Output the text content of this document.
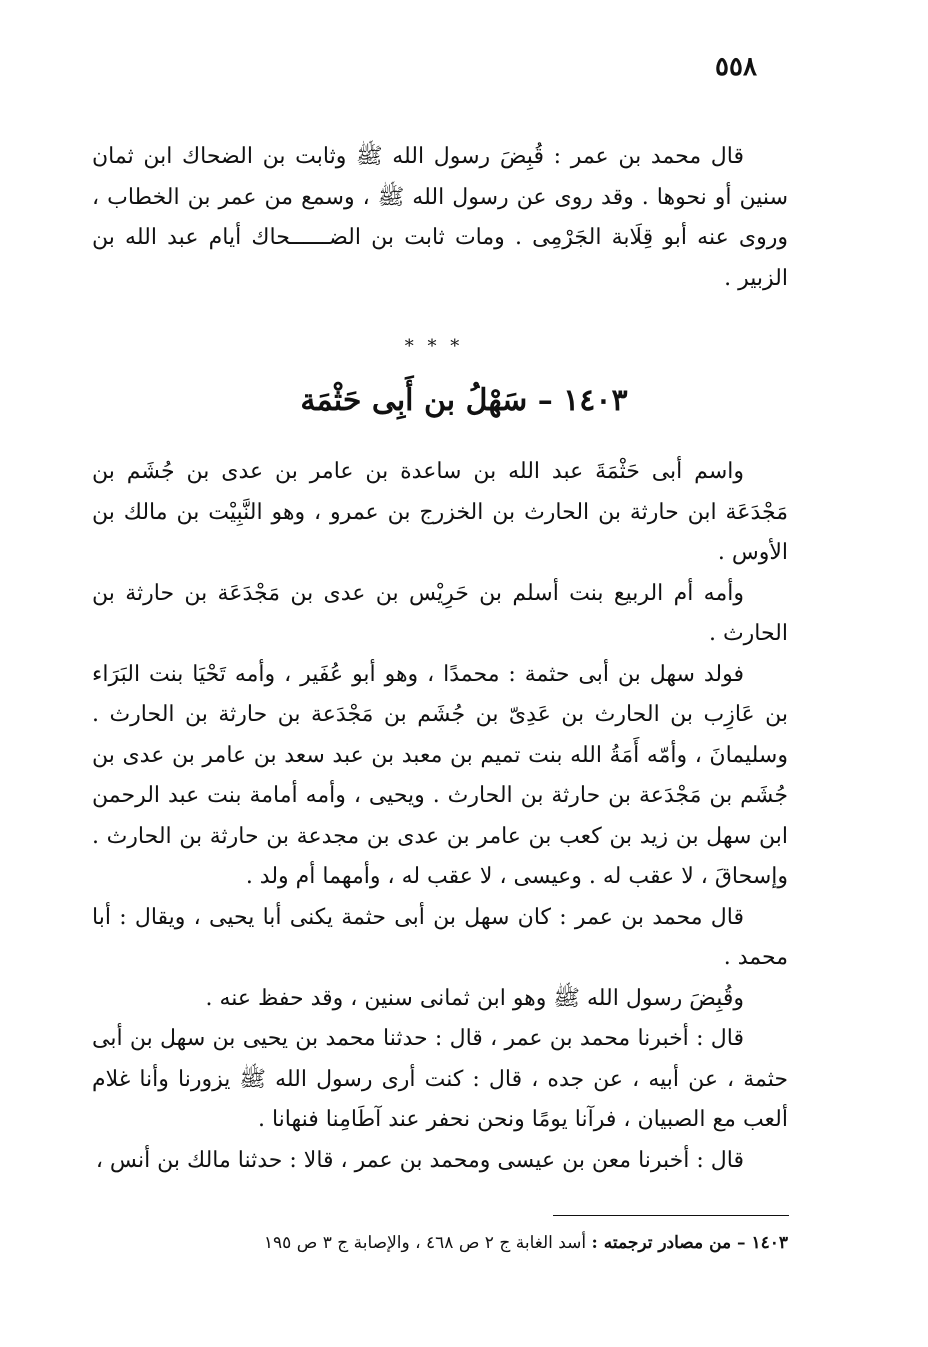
٥٥٨

قال محمد بن عمر : قُبِضَ رسول الله ﷺ وثابت بن الضحاك ابن ثمان سنين أو نحوها . وقد روى عن رسول الله ﷺ ، وسمع من عمر بن الخطاب ، وروى عنه أبو قِلَابة الجَرْمِى . ومات ثابت بن الضــــــحاك أيام عبد الله بن الزبير .

* * *
١٤٠٣ – سَهْلُ بن أَبِى حَثْمَة

واسم أبى حَثْمَةَ عبد الله بن ساعدة بن عامر بن عدى بن جُشَم بن مَجْدَعَة ابن حارثة بن الحارث بن الخزرج بن عمرو ، وهو النَّبِيْت بن مالك بن الأوس .

وأمه أم الربيع بنت أسلم بن حَرِيْس بن عدى بن مَجْدَعَة بن حارثة بن الحارث .

فولد سهل بن أبى حثمة : محمدًا ، وهو أبو عُفَير ، وأمه تَحْيَا بنت البَرَاء بن عَازِب بن الحارث بن عَدِىّ بن جُشَم بن مَجْدَعة بن حارثة بن الحارث . وسليمانَ ، وأمّه أَمَةُ الله بنت تميم بن معبد بن عبد سعد بن عامر بن عدى بن جُشَم بن مَجْدَعة بن حارثة بن الحارث . ويحيى ، وأمه أمامة بنت عبد الرحمن ابن سهل بن زيد بن كعب بن عامر بن عدى بن مجدعة بن حارثة بن الحارث . وإسحاقَ ، لا عقب له . وعيسى ، لا عقب له ، وأمهما أم ولد .

قال محمد بن عمر : كان سهل بن أبى حثمة يكنى أبا يحيى ، ويقال : أبا محمد .

وقُبِضَ رسول الله ﷺ وهو ابن ثمانى سنين ، وقد حفظ عنه .

قال : أخبرنا محمد بن عمر ، قال : حدثنا محمد بن يحيى بن سهل بن أبى حثمة ، عن أبيه ، عن جده ، قال : كنت أرى رسول الله ﷺ يزورنا وأنا غلام ألعب مع الصبيان ، فرآنا يومًا ونحن نحفر عند آطَامِنا فنهانا .

قال : أخبرنا معن بن عيسى ومحمد بن عمر ، قالا : حدثنا مالك بن أنس ،

١٤٠٣ – من مصادر ترجمته : أسد الغابة ج ٢ ص ٤٦٨ ، والإصابة ج ٣ ص ١٩٥
